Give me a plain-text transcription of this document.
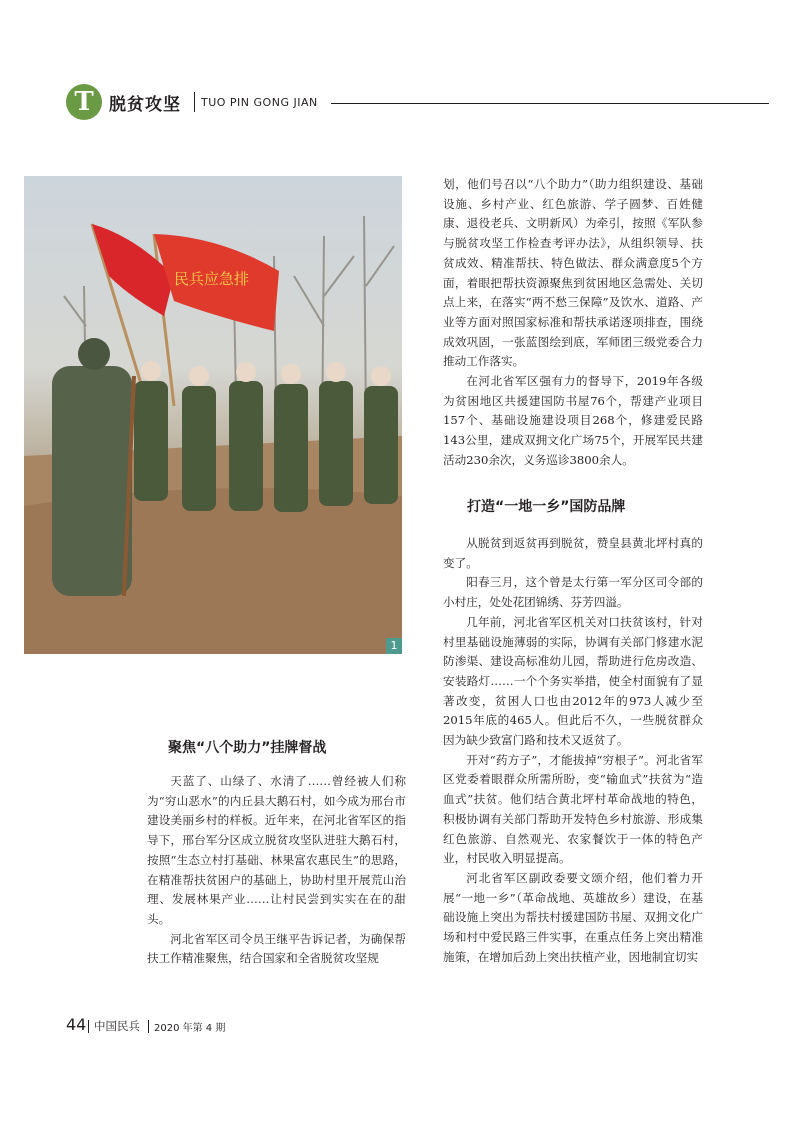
T 脱贫攻坚 TUO PIN GONG JIAN
民兵应急排
1
聚焦“八个助力”挂牌督战

天蓝了、山绿了、水清了……曾经被人们称为“穷山恶水”的内丘县大鹅石村，如今成为邢台市建设美丽乡村的样板。近年来，在河北省军区的指导下，邢台军分区成立脱贫攻坚队进驻大鹅石村，按照“生态立村打基础、林果富农惠民生”的思路，在精准帮扶贫困户的基础上，协助村里开展荒山治理、发展林果产业……让村民尝到实实在在的甜头。

河北省军区司令员王继平告诉记者，为确保帮扶工作精准聚焦，结合国家和全省脱贫攻坚规

划，他们号召以“八个助力”（助力组织建设、基础设施、乡村产业、红色旅游、学子圆梦、百姓健康、退役老兵、文明新风）为牵引，按照《军队参与脱贫攻坚工作检查考评办法》，从组织领导、扶贫成效、精准帮扶、特色做法、群众满意度5个方面，着眼把帮扶资源聚焦到贫困地区急需处、关切点上来，在落实“两不愁三保障”及饮水、道路、产业等方面对照国家标准和帮扶承诺逐项排查，围绕成效巩固，一张蓝图绘到底，军师团三级党委合力推动工作落实。

在河北省军区强有力的督导下，2019年各级为贫困地区共援建国防书屋76个，帮建产业项目157个、基础设施建设项目268个，修建爱民路143公里，建成双拥文化广场75个，开展军民共建活动230余次，义务巡诊3800余人。

打造“一地一乡”国防品牌

从脱贫到返贫再到脱贫，赞皇县黄北坪村真的变了。

阳春三月，这个曾是太行第一军分区司令部的小村庄，处处花团锦绣、芬芳四溢。

几年前，河北省军区机关对口扶贫该村，针对村里基础设施薄弱的实际，协调有关部门修建水泥防渗渠、建设高标准幼儿园，帮助进行危房改造、安装路灯……一个个务实举措，使全村面貌有了显著改变，贫困人口也由2012年的973人减少至2015年底的465人。但此后不久，一些脱贫群众因为缺少致富门路和技术又返贫了。

开对“药方子”，才能拔掉“穷根子”。河北省军区党委着眼群众所需所盼，变“输血式”扶贫为“造血式”扶贫。他们结合黄北坪村革命战地的特色，积极协调有关部门帮助开发特色乡村旅游、形成集红色旅游、自然观光、农家餐饮于一体的特色产业，村民收入明显提高。

河北省军区副政委要文颂介绍，他们着力开展“一地一乡”（革命战地、英雄故乡）建设，在基础设施上突出为帮扶村援建国防书屋、双拥文化广场和村中爱民路三件实事，在重点任务上突出精准施策，在增加后劲上突出扶植产业，因地制宜切实

44 中国民兵 2020 年第 4 期
